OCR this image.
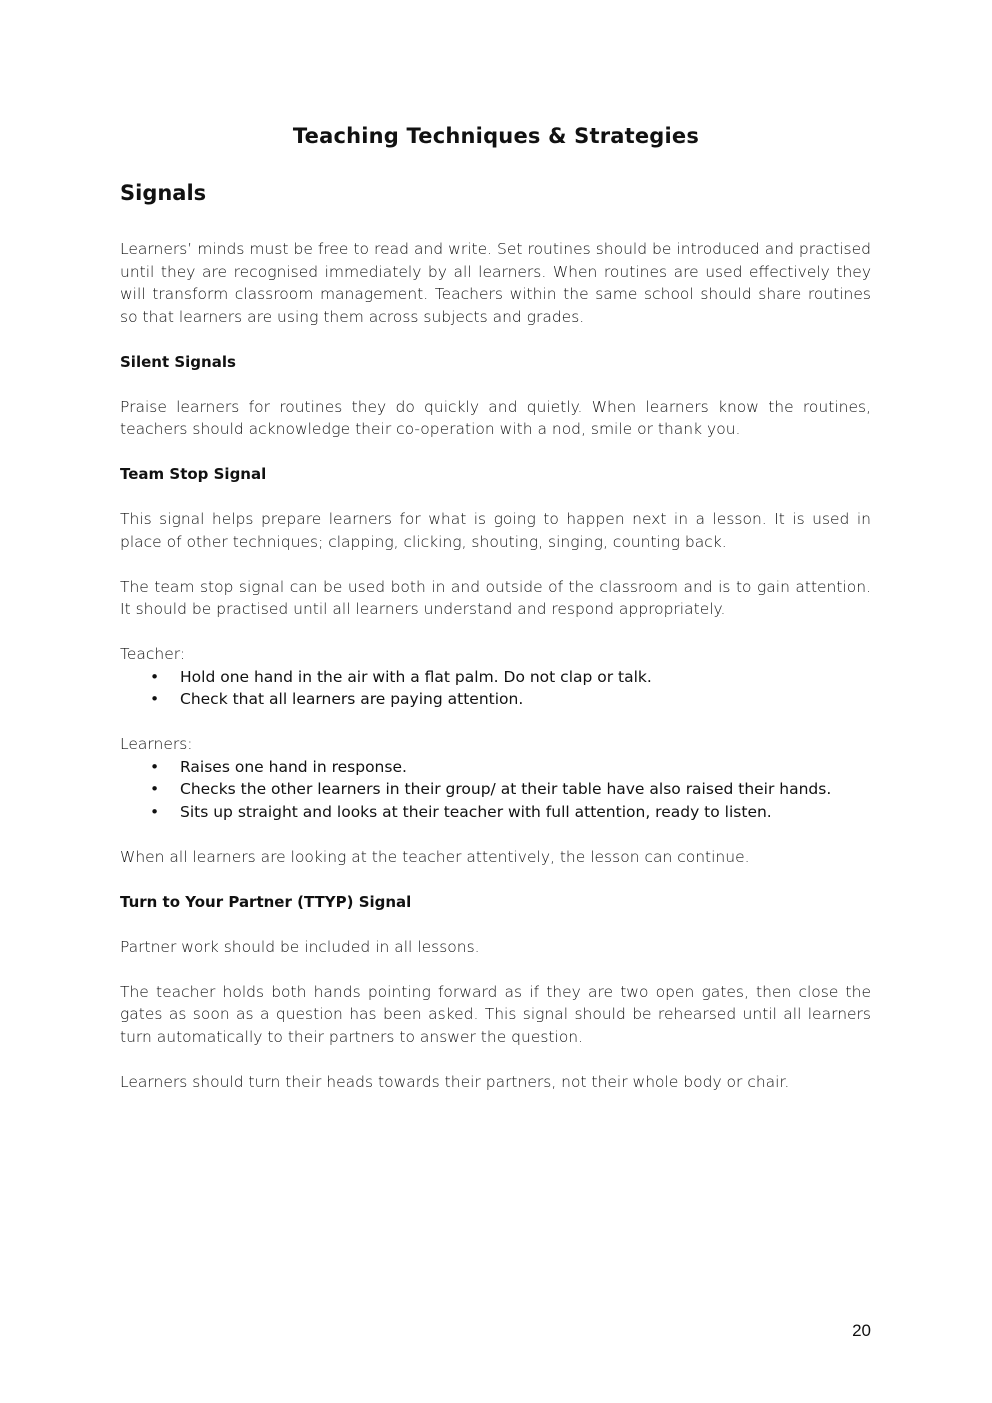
Teaching Techniques & Strategies
Signals

Learners’ minds must be free to read and write. Set routines should be introduced and practised until they are recognised immediately by all learners. When routines are used effectively they will transform classroom management. Teachers within the same school should share routines so that learners are using them across subjects and grades.

Silent Signals

Praise learners for routines they do quickly and quietly. When learners know the routines, teachers should acknowledge their co-operation with a nod, smile or thank you.

Team Stop Signal

This signal helps prepare learners for what is going to happen next in a lesson. It is used in place of other techniques; clapping, clicking, shouting, singing, counting back.

The team stop signal can be used both in and outside of the classroom and is to gain attention. It should be practised until all learners understand and respond appropriately.

Teacher:

• Hold one hand in the air with a flat palm. Do not clap or talk.
• Check that all learners are paying attention.

Learners:

• Raises one hand in response.
• Checks the other learners in their group/ at their table have also raised their hands.
• Sits up straight and looks at their teacher with full attention, ready to listen.

When all learners are looking at the teacher attentively, the lesson can continue.

Turn to Your Partner (TTYP) Signal

Partner work should be included in all lessons.

The teacher holds both hands pointing forward as if they are two open gates, then close the gates as soon as a question has been asked. This signal should be rehearsed until all learners turn automatically to their partners to answer the question.

Learners should turn their heads towards their partners, not their whole body or chair.

20
